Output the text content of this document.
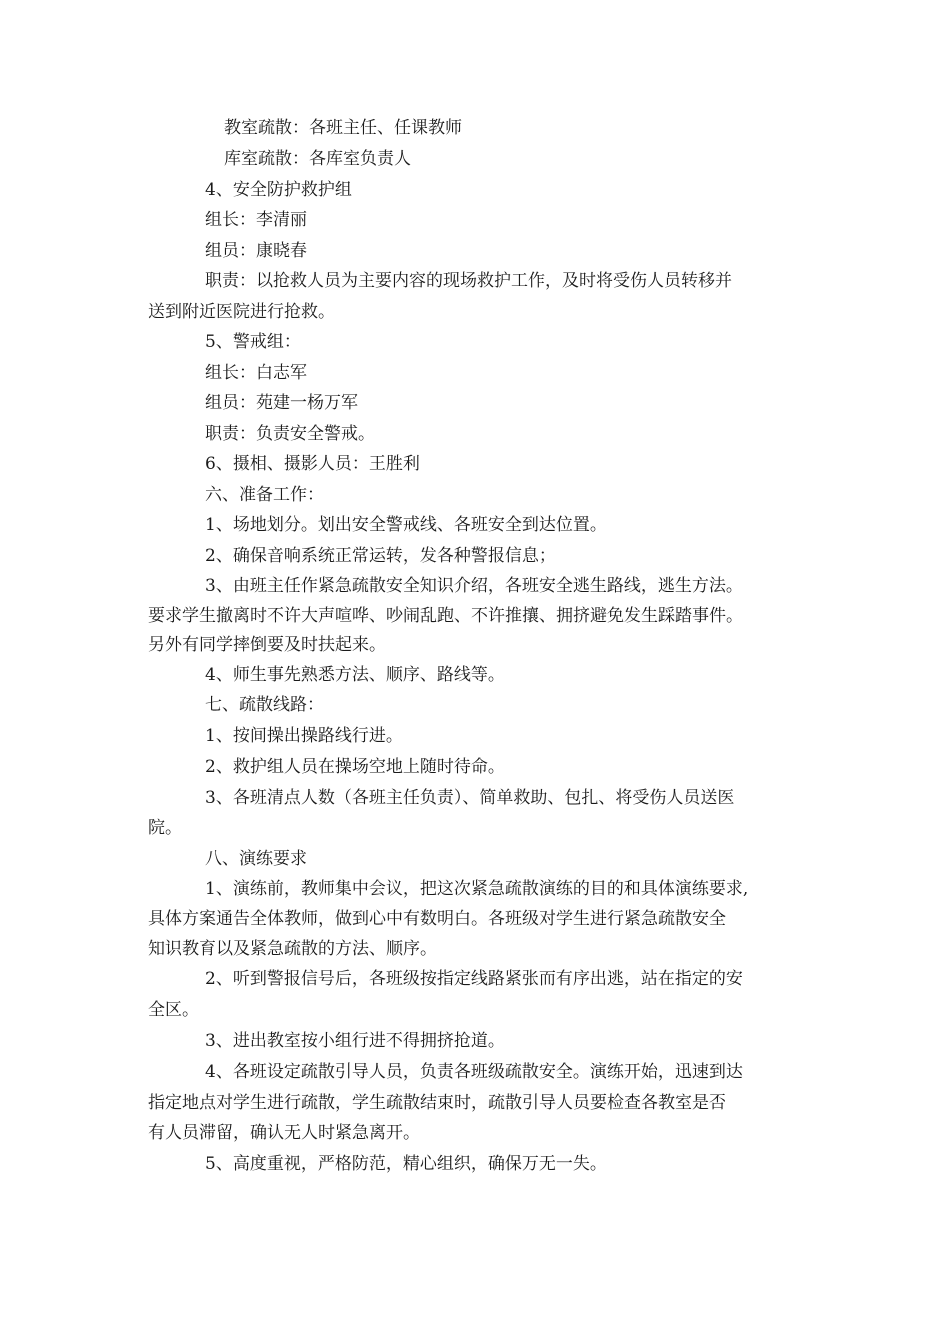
教室疏散：各班主任、任课教师
库室疏散：各库室负责人
4、安全防护救护组
组长：李清丽
组员：康晓春
职责：以抢救人员为主要内容的现场救护工作，及时将受伤人员转移并
送到附近医院进行抢救。
5、警戒组：
组长：白志军
组员：苑建一杨万军
职责：负责安全警戒。
6、摄相、摄影人员：王胜利
六、准备工作：
1、场地划分。划出安全警戒线、各班安全到达位置。
2、确保音响系统正常运转，发各种警报信息；
3、由班主任作紧急疏散安全知识介绍，各班安全逃生路线，逃生方法。
要求学生撤离时不许大声喧哗、吵闹乱跑、不许推攘、拥挤避免发生踩踏事件。
另外有同学摔倒要及时扶起来。
4、师生事先熟悉方法、顺序、路线等。
七、疏散线路：
1、按间操出操路线行进。
2、救护组人员在操场空地上随时待命。
3、各班清点人数（各班主任负责）、简单救助、包扎、将受伤人员送医
院。
八、演练要求
1、演练前，教师集中会议，把这次紧急疏散演练的目的和具体演练要求,
具体方案通告全体教师，做到心中有数明白。各班级对学生进行紧急疏散安全
知识教育以及紧急疏散的方法、顺序。
2、听到警报信号后，各班级按指定线路紧张而有序出逃，站在指定的安
全区。
3、进出教室按小组行进不得拥挤抢道。
4、各班设定疏散引导人员，负责各班级疏散安全。演练开始，迅速到达
指定地点对学生进行疏散，学生疏散结束时，疏散引导人员要检查各教室是否
有人员滞留，确认无人时紧急离开。
5、高度重视，严格防范，精心组织，确保万无一失。
